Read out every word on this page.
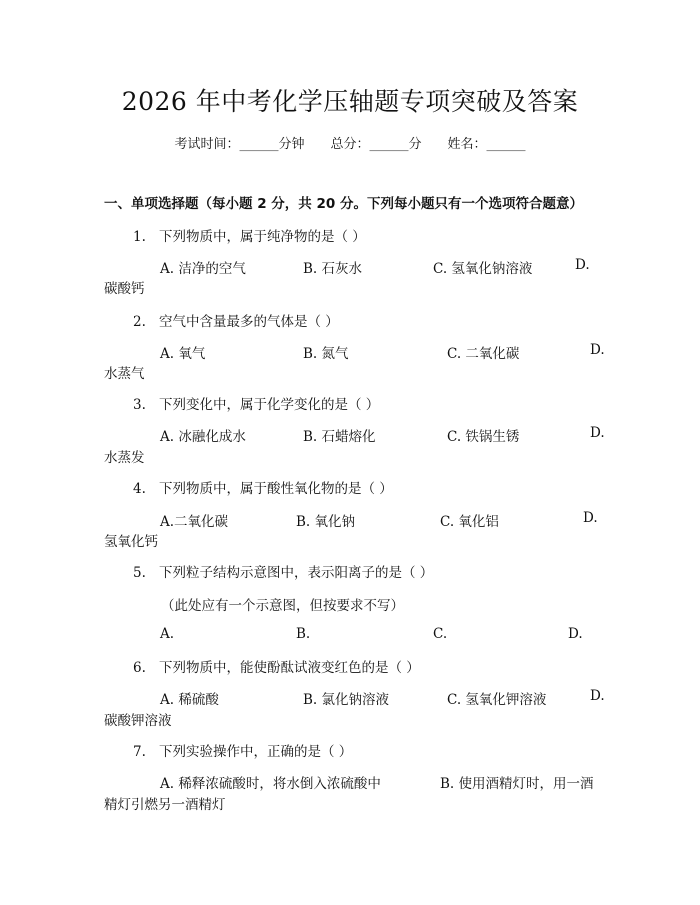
2026 年中考化学压轴题专项突破及答案
考试时间：______分钟 总分：______分 姓名：______
一、单项选择题（每小题 2 分，共 20 分。下列每小题只有一个选项符合题意）
1. 下列物质中，属于纯净物的是（ ）
A. 洁净的空气	B. 石灰水	C. 氢氧化钠溶液	D.
碳酸钙
2. 空气中含量最多的气体是（ ）
A. 氧气	B. 氮气	C. 二氧化碳	D.
水蒸气
3. 下列变化中，属于化学变化的是（ ）
A. 冰融化成水	B. 石蜡熔化	C. 铁锅生锈	D.
水蒸发
4. 下列物质中，属于酸性氧化物的是（ ）
A.二氧化碳	B. 氧化钠	C. 氧化铝	D.
氢氧化钙
5. 下列粒子结构示意图中，表示阳离子的是（ ）
（此处应有一个示意图，但按要求不写）
A.	B.	C.	D.
6. 下列物质中，能使酚酞试液变红色的是（ ）
A. 稀硫酸	B. 氯化钠溶液	C. 氢氧化钾溶液	D.
碳酸钾溶液
7. 下列实验操作中，正确的是（ ）
A. 稀释浓硫酸时，将水倒入浓硫酸中	B. 使用酒精灯时，用一酒
精灯引燃另一酒精灯
